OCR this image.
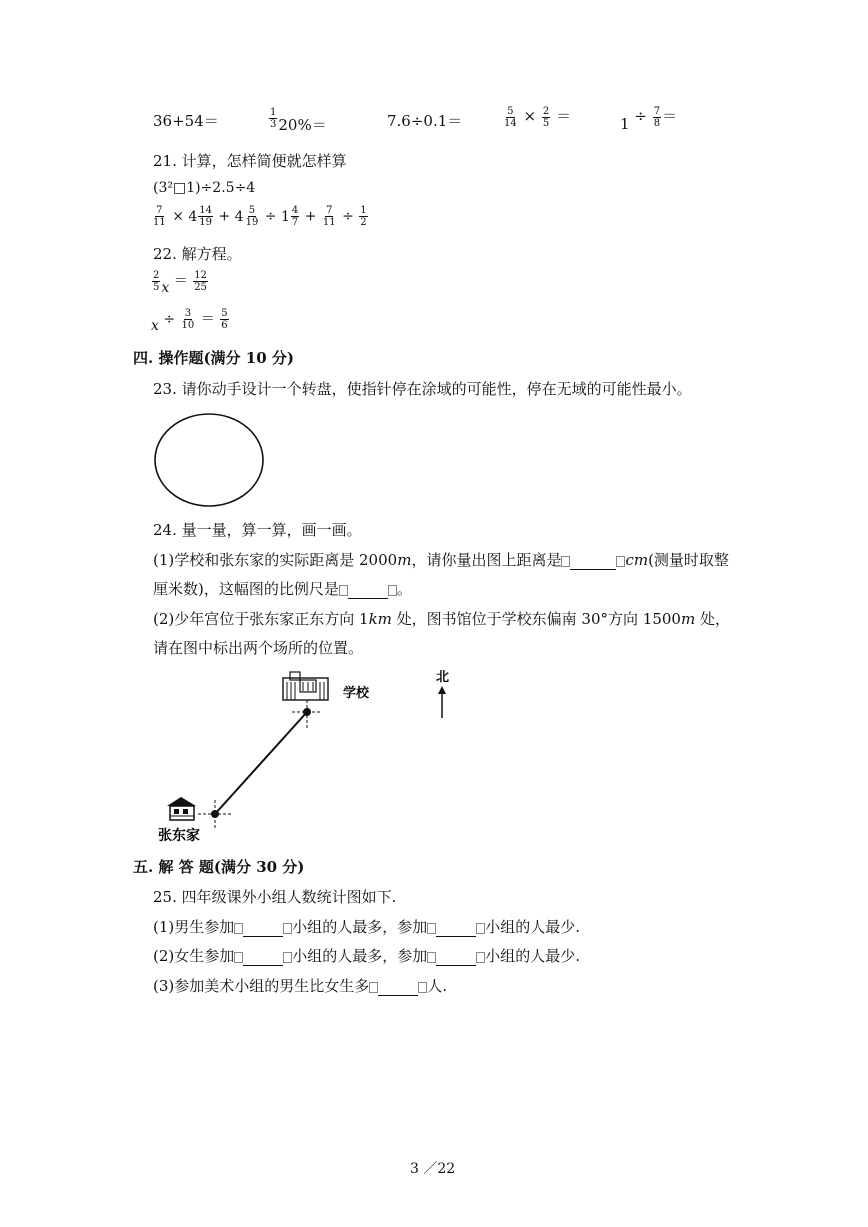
36+54＝	$\frac{1}{3} 20\%=$	7.6÷0.1＝	$\frac{5}{14} \times \frac{2}{5}$ ＝	$1 \div \frac{7}{8}$ ＝
21. 计算，怎样简便就怎样算
(3²□1)÷2.5÷4
$\frac{7}{11} \times 4 \frac{14}{19} + 4 \frac{5}{19} \div 1 \frac{4}{7} + \frac{7}{11} \div \frac{1}{2}$
22. 解方程。
$\frac{2}{5}$ $x = \frac{12}{25}$
$x \div \frac{3}{10} = \frac{5}{6}$
四. 操作题(满分 10 分)
23. 请你动手设计一个转盘，使指针停在涂域的可能性，停在无域的可能性最小。
24. 量一量，算一算，画一画。
(1)学校和张东家的实际距离是 2000m，请你量出图上距离是	cm(测量时取整
厘米数)，这幅图的比例尺是	。
(2)少年宫位于张东家正东方向 1km 处，图书馆位于学校东偏南 30°方向 1500m 处，
请在图中标出两个场所的位置。
学校
张东家
北
五. 解 答 题(满分 30 分)
25. 四年级课外小组人数统计图如下.
(1)男生参加	小组的人最多，参加	小组的人最少.
(2)女生参加	小组的人最多，参加	小组的人最少.
(3)参加美术小组的男生比女生多	人.
3 ／22
